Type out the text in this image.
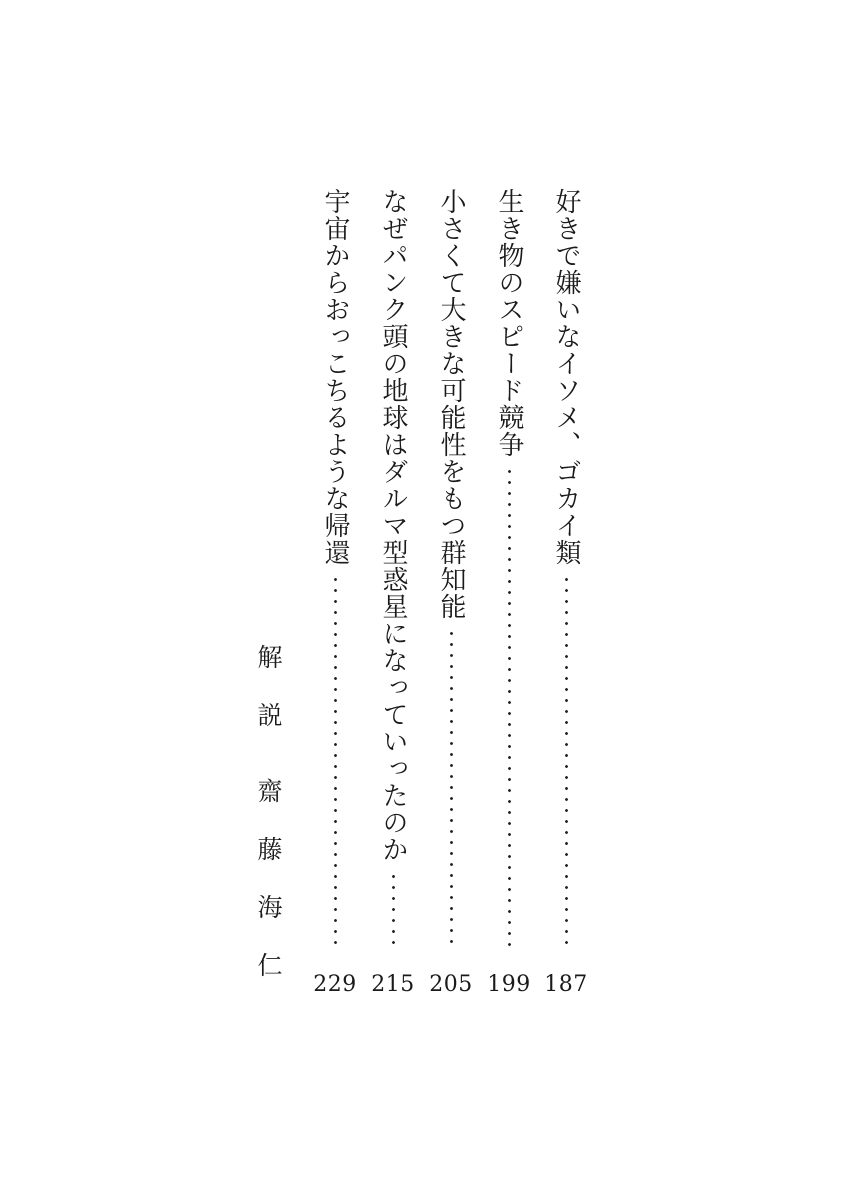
好きで嫌いなイソメ、ゴカイ類
187
生き物のスピード競争
199
小さくて大きな可能性をもつ群知能
205
なぜパンク頭の地球はダルマ型惑星になっていったのか
215
宇宙からおっこちるような帰還
229
解
説
齋
藤
海
仁
